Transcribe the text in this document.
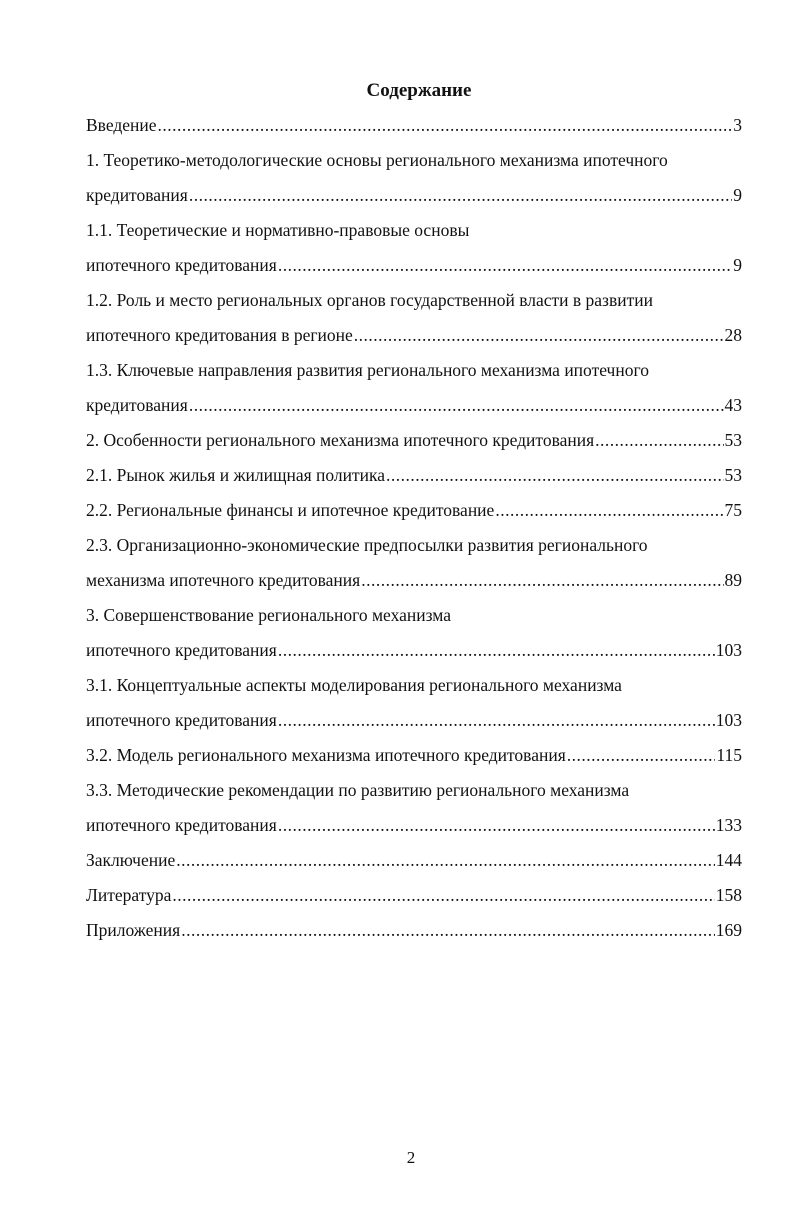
Содержание
Введение .....	3
1. Теоретико-методологические основы регионального механизма ипотечного
кредитования .....	9
1.1. Теоретические и нормативно-правовые основы
ипотечного кредитования .....	9
1.2. Роль и место региональных органов государственной власти в развитии
ипотечного кредитования в регионе .....	28
1.3. Ключевые направления развития регионального механизма ипотечного
кредитования .....	43
2. Особенности регионального механизма ипотечного кредитования .....	53
2.1. Рынок жилья и жилищная политика .....	53
2.2. Региональные финансы и ипотечное кредитование .....	75
2.3. Организационно-экономические предпосылки развития регионального
механизма ипотечного кредитования .....	89
3. Совершенствование регионального механизма
ипотечного кредитования .....	103
3.1. Концептуальные аспекты моделирования регионального механизма
ипотечного кредитования .....	103
3.2. Модель регионального механизма ипотечного кредитования .....	115
3.3. Методические рекомендации по развитию регионального механизма
ипотечного кредитования .....	133
Заключение .....	144
Литература .....	158
Приложения .....	169
2
